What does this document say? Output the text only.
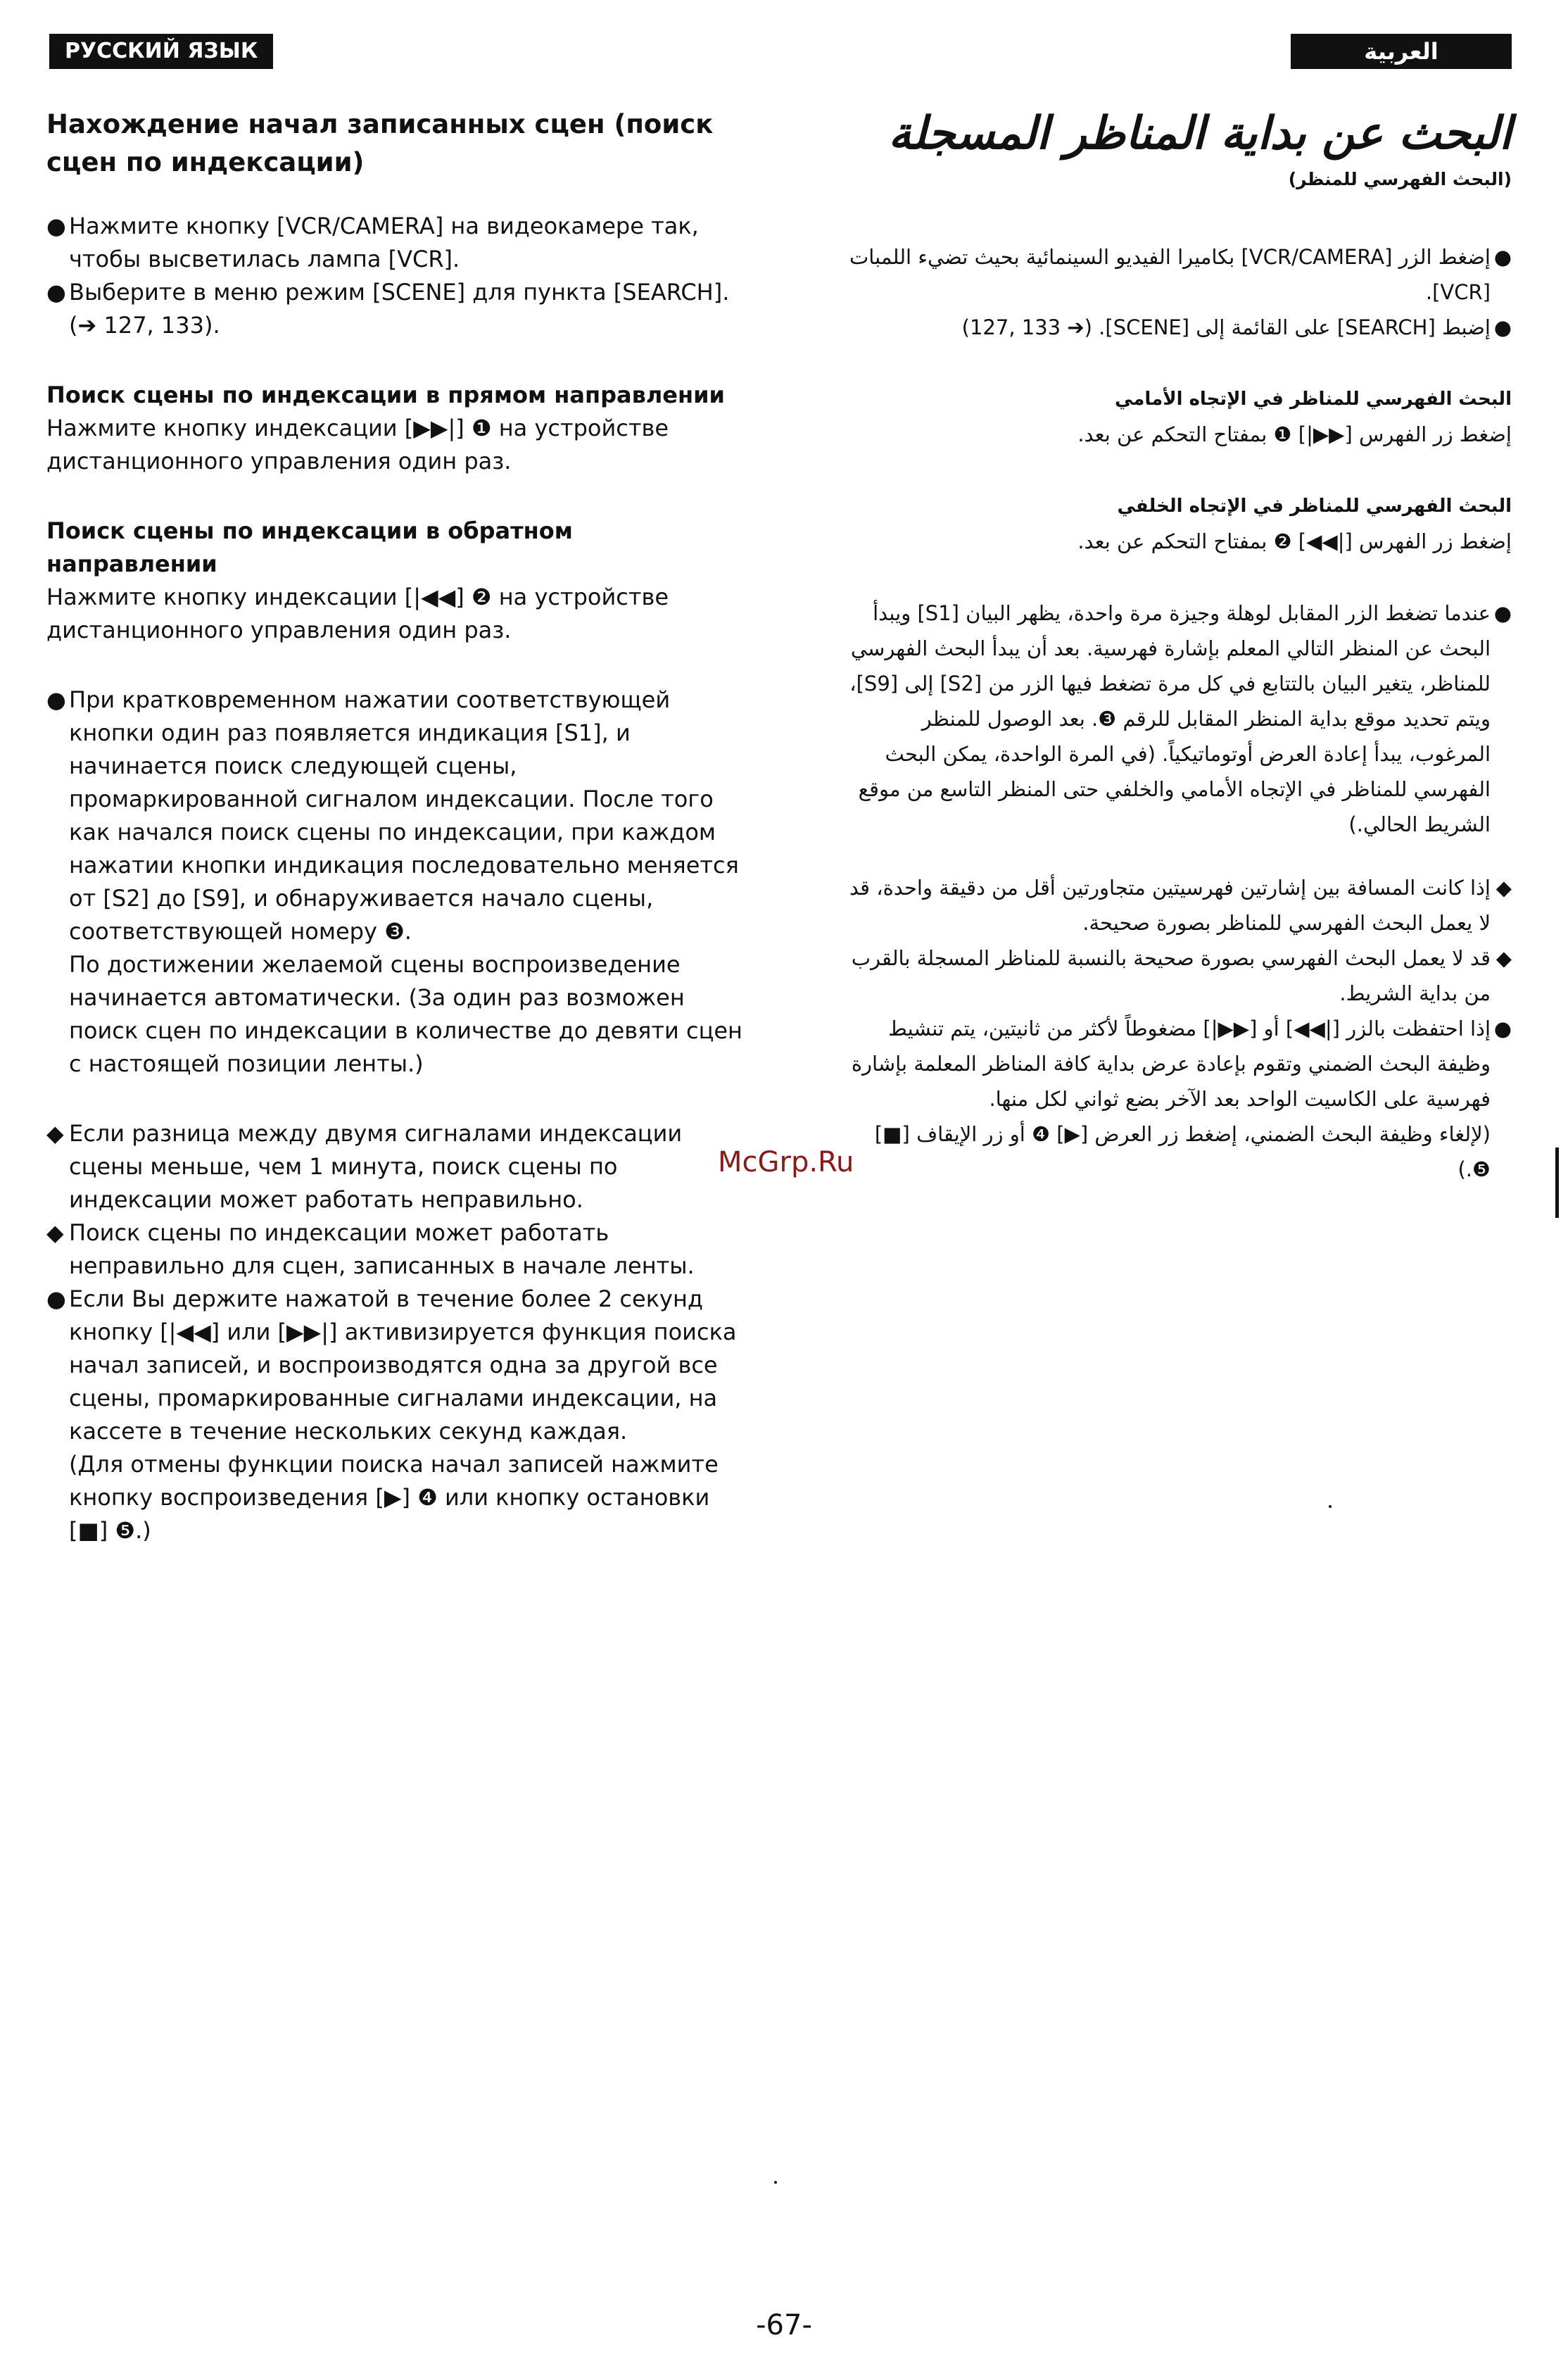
РУССКИЙ ЯЗЫК	العربية
Нахождение начал записанных сцен (поиск сцен по индексации)

● Нажмите кнопку [VCR/CAMERA] на видеокамере так, чтобы высветилась лампа [VCR].

● Выберите в меню режим [SCENE] для пункта [SEARCH]. (➔ 127, 133).

Поиск сцены по индексации в прямом направлении

Нажмите кнопку индексации [▶▶|] ❶ на устройстве дистанционного управления один раз.

Поиск сцены по индексации в обратном направлении

Нажмите кнопку индексации [|◀◀] ❷ на устройстве дистанционного управления один раз.

● При кратковременном нажатии соответствующей кнопки один раз появляется индикация [S1], и начинается поиск следующей сцены, промаркированной сигналом индексации. После того как начался поиск сцены по индексации, при каждом нажатии кнопки индикация последовательно меняется от [S2] до [S9], и обнаруживается начало сцены, соответствующей номеру ❸.

По достижении желаемой сцены воспроизведение начинается автоматически. (За один раз возможен поиск сцен по индексации в количестве до девяти сцен с настоящей позиции ленты.)

◆ Если разница между двумя сигналами индексации сцены меньше, чем 1 минута, поиск сцены по индексации может работать неправильно.

◆ Поиск сцены по индексации может работать неправильно для сцен, записанных в начале ленты.

● Если Вы держите нажатой в течение более 2 секунд кнопку [|◀◀] или [▶▶|] активизируется функция поиска начал записей, и воспроизводятся одна за другой все сцены, промаркированные сигналами индексации, на кассете в течение нескольких секунд каждая.

(Для отмены функции поиска начал записей нажмите кнопку воспроизведения [▶] ❹ или кнопку остановки [■] ❺.)

البحث عن بداية المناظر المسجلة

(البحث الفهرسي للمنظر)

●
إضغط الزر [VCR/CAMERA] بكاميرا الفيديو السينمائية بحيث تضيء اللمبات [VCR].

●
إضبط [SEARCH] على القائمة إلى [SCENE]. (➔ 127, 133)

البحث الفهرسي للمناظر في الإتجاه الأمامي

إضغط زر الفهرس [▶▶|] ❶ بمفتاح التحكم عن بعد.

البحث الفهرسي للمناظر في الإتجاه الخلفي

إضغط زر الفهرس [|◀◀] ❷ بمفتاح التحكم عن بعد.

●
عندما تضغط الزر المقابل لوهلة وجيزة مرة واحدة، يظهر البيان [S1] ويبدأ البحث عن المنظر التالي المعلم بإشارة فهرسية. بعد أن يبدأ البحث الفهرسي للمناظر، يتغير البيان بالتتابع في كل مرة تضغط فيها الزر من [S2] إلى [S9]، ويتم تحديد موقع بداية المنظر المقابل للرقم ❸. بعد الوصول للمنظر المرغوب، يبدأ إعادة العرض أوتوماتيكياً. (في المرة الواحدة، يمكن البحث الفهرسي للمناظر في الإتجاه الأمامي والخلفي حتى المنظر التاسع من موقع الشريط الحالي.)

◆
إذا كانت المسافة بين إشارتين فهرسيتين متجاورتين أقل من دقيقة واحدة، قد لا يعمل البحث الفهرسي للمناظر بصورة صحيحة.

◆
قد لا يعمل البحث الفهرسي بصورة صحيحة بالنسبة للمناظر المسجلة بالقرب من بداية الشريط.

●
إذا احتفظت بالزر [|◀◀] أو [▶▶|] مضغوطاً لأكثر من ثانيتين، يتم تنشيط وظيفة البحث الضمني وتقوم بإعادة عرض بداية كافة المناظر المعلمة بإشارة فهرسية على الكاسيت الواحد بعد الآخر بضع ثواني لكل منها.

(لإلغاء وظيفة البحث الضمني، إضغط زر العرض [▶] ❹ أو زر الإيقاف [■] ❺.)

McGrp.Ru
-67-
